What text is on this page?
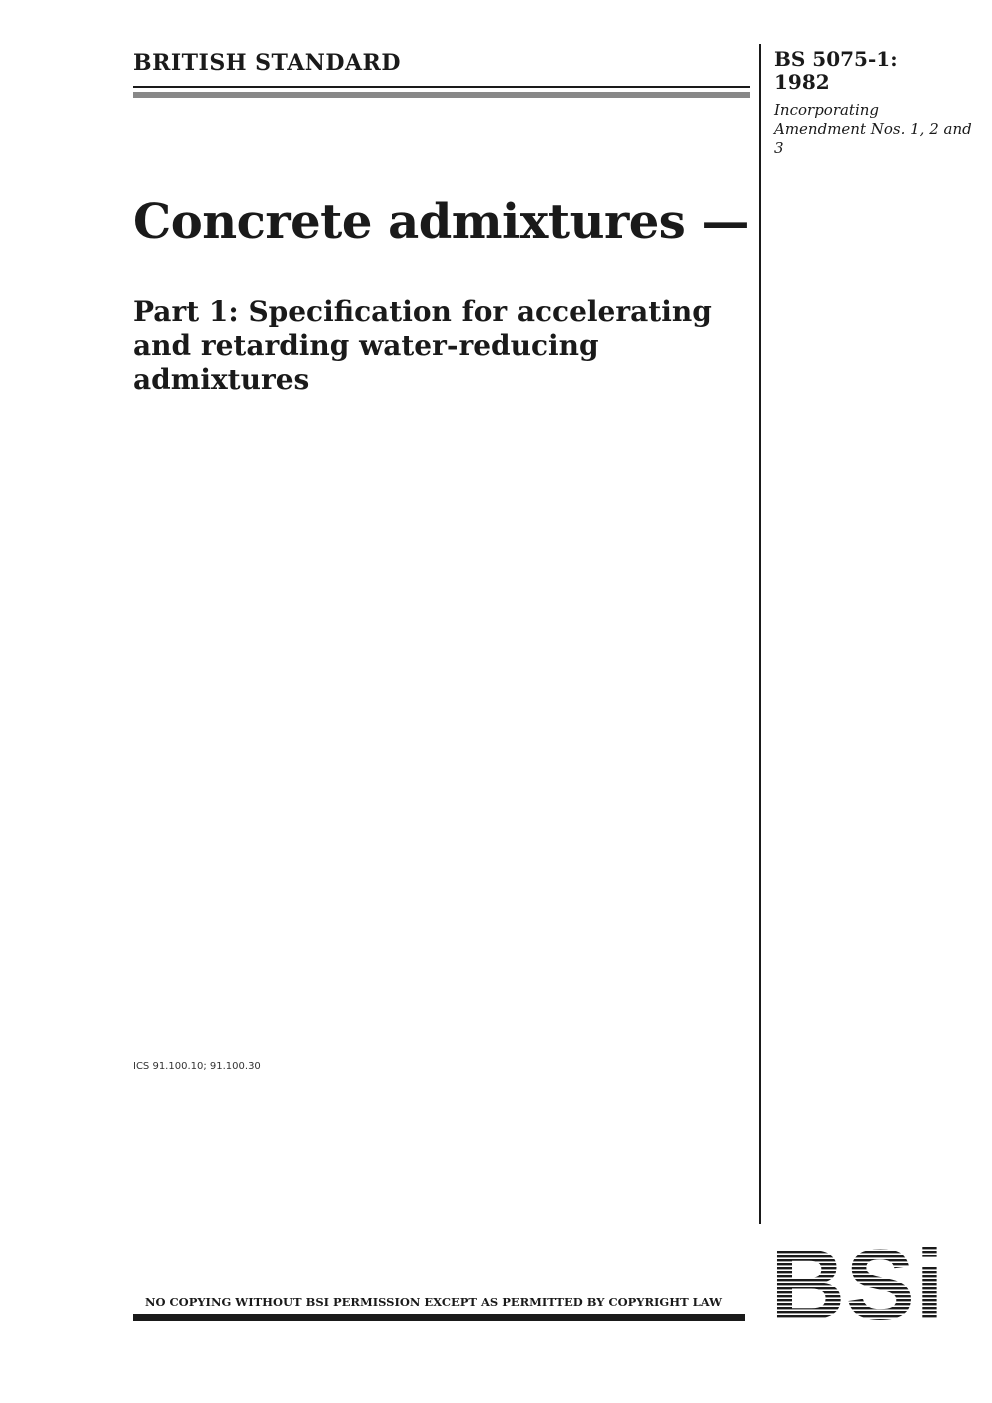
BRITISH STANDARD	BS 5075-1:
1982
Incorporating Amendment Nos. 1, 2 and 3
Concrete admixtures —
Part 1: Specification for accelerating and retarding water-reducing admixtures
ICS 91.100.10; 91.100.30
NO COPYING WITHOUT BSI PERMISSION EXCEPT AS PERMITTED BY COPYRIGHT LAW
